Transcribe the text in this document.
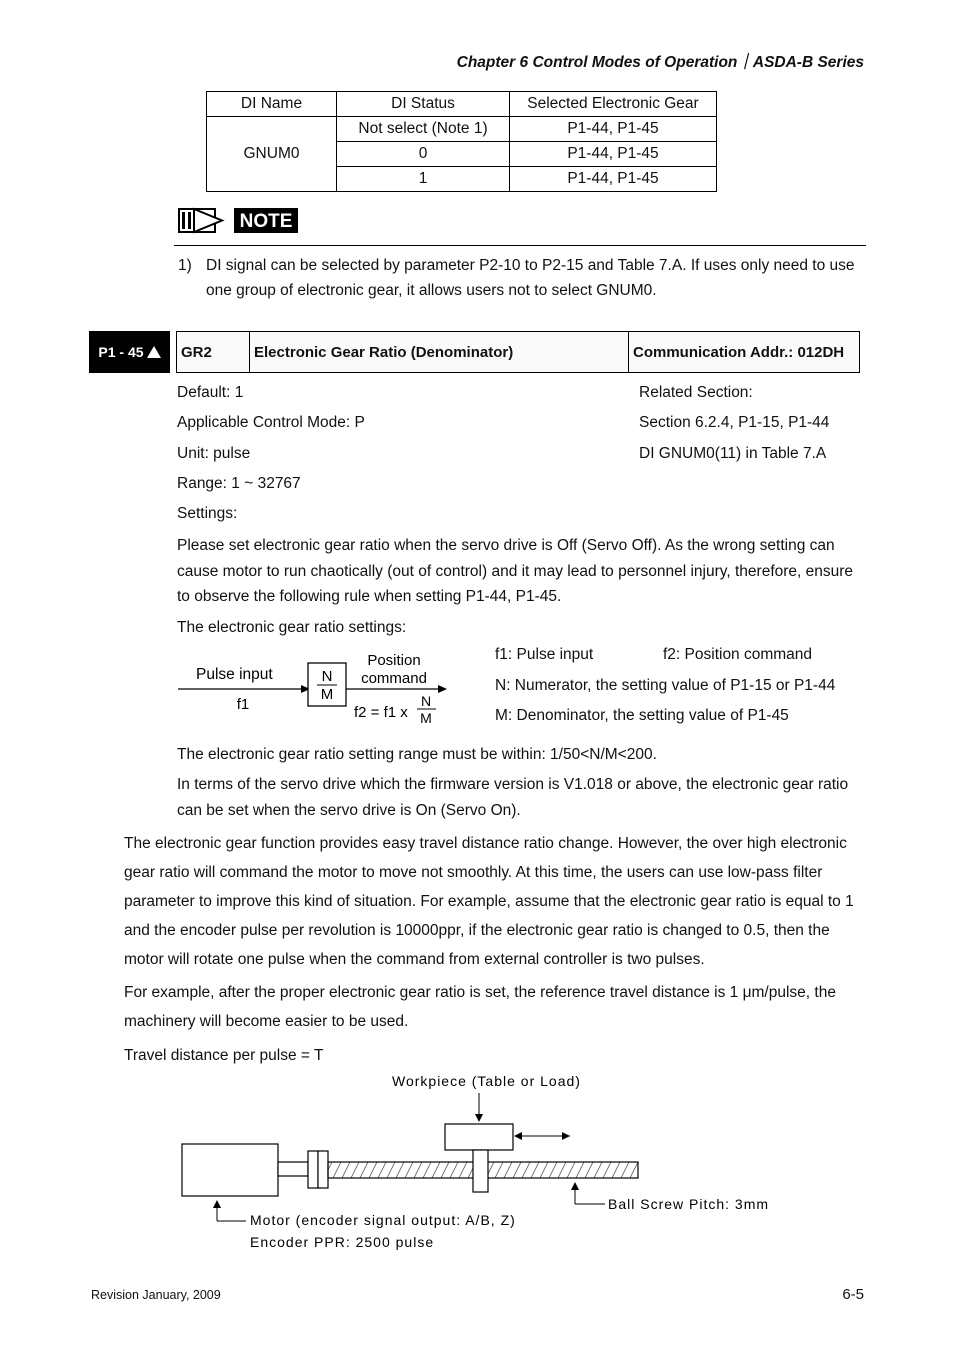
Chapter 6 Control Modes of Operation｜ASDA-B Series
DI Name	DI Status	Selected Electronic Gear
GNUM0	Not select (Note 1)	P1-44, P1-45
	0	P1-44, P1-45
	1	P1-44, P1-45
NOTE
1) DI signal can be selected by parameter P2-10 to P2-15 and Table 7.A. If uses only need to use one group of electronic gear, it allows users not to select GNUM0.
P1 - 45 GR2	Electronic Gear Ratio (Denominator)	Communication Addr.: 012DH
Default: 1
Applicable Control Mode: P
Unit: pulse
Range: 1 ~ 32767
Settings:
Related Section:
Section 6.2.4, P1-15, P1-44
DI GNUM0(11) in Table 7.A

Please set electronic gear ratio when the servo drive is Off (Servo Off). As the wrong setting can cause motor to run chaotically (out of control) and it may lead to personnel injury, therefore, ensure to observe the following rule when setting P1-44, P1-45.

The electronic gear ratio settings:
Pulse input
f1
N
M
Position
command
f2 = f1 x
N
M
f1: Pulse input	f2: Position command
N: Numerator, the setting value of P1-15 or P1-44
M: Denominator, the setting value of P1-45
The electronic gear ratio setting range must be within: 1/50<N/M<200.

In terms of the servo drive which the firmware version is V1.018 or above, the electronic gear ratio can be set when the servo drive is On (Servo On).

The electronic gear function provides easy travel distance ratio change. However, the over high electronic gear ratio will command the motor to move not smoothly. At this time, the users can use low-pass filter parameter to improve this kind of situation. For example, assume that the electronic gear ratio is equal to 1 and the encoder pulse per revolution is 10000ppr, if the electronic gear ratio is changed to 0.5, then the motor will rotate one pulse when the command from external controller is two pulses.

For example, after the proper electronic gear ratio is set, the reference travel distance is 1 μm/pulse, the machinery will become easier to be used.

Travel distance per pulse = T
Workpiece (Table or Load)
Ball Screw Pitch: 3mm
Motor (encoder signal output: A/B, Z)
Encoder PPR: 2500 pulse
Revision January, 2009	6-5
